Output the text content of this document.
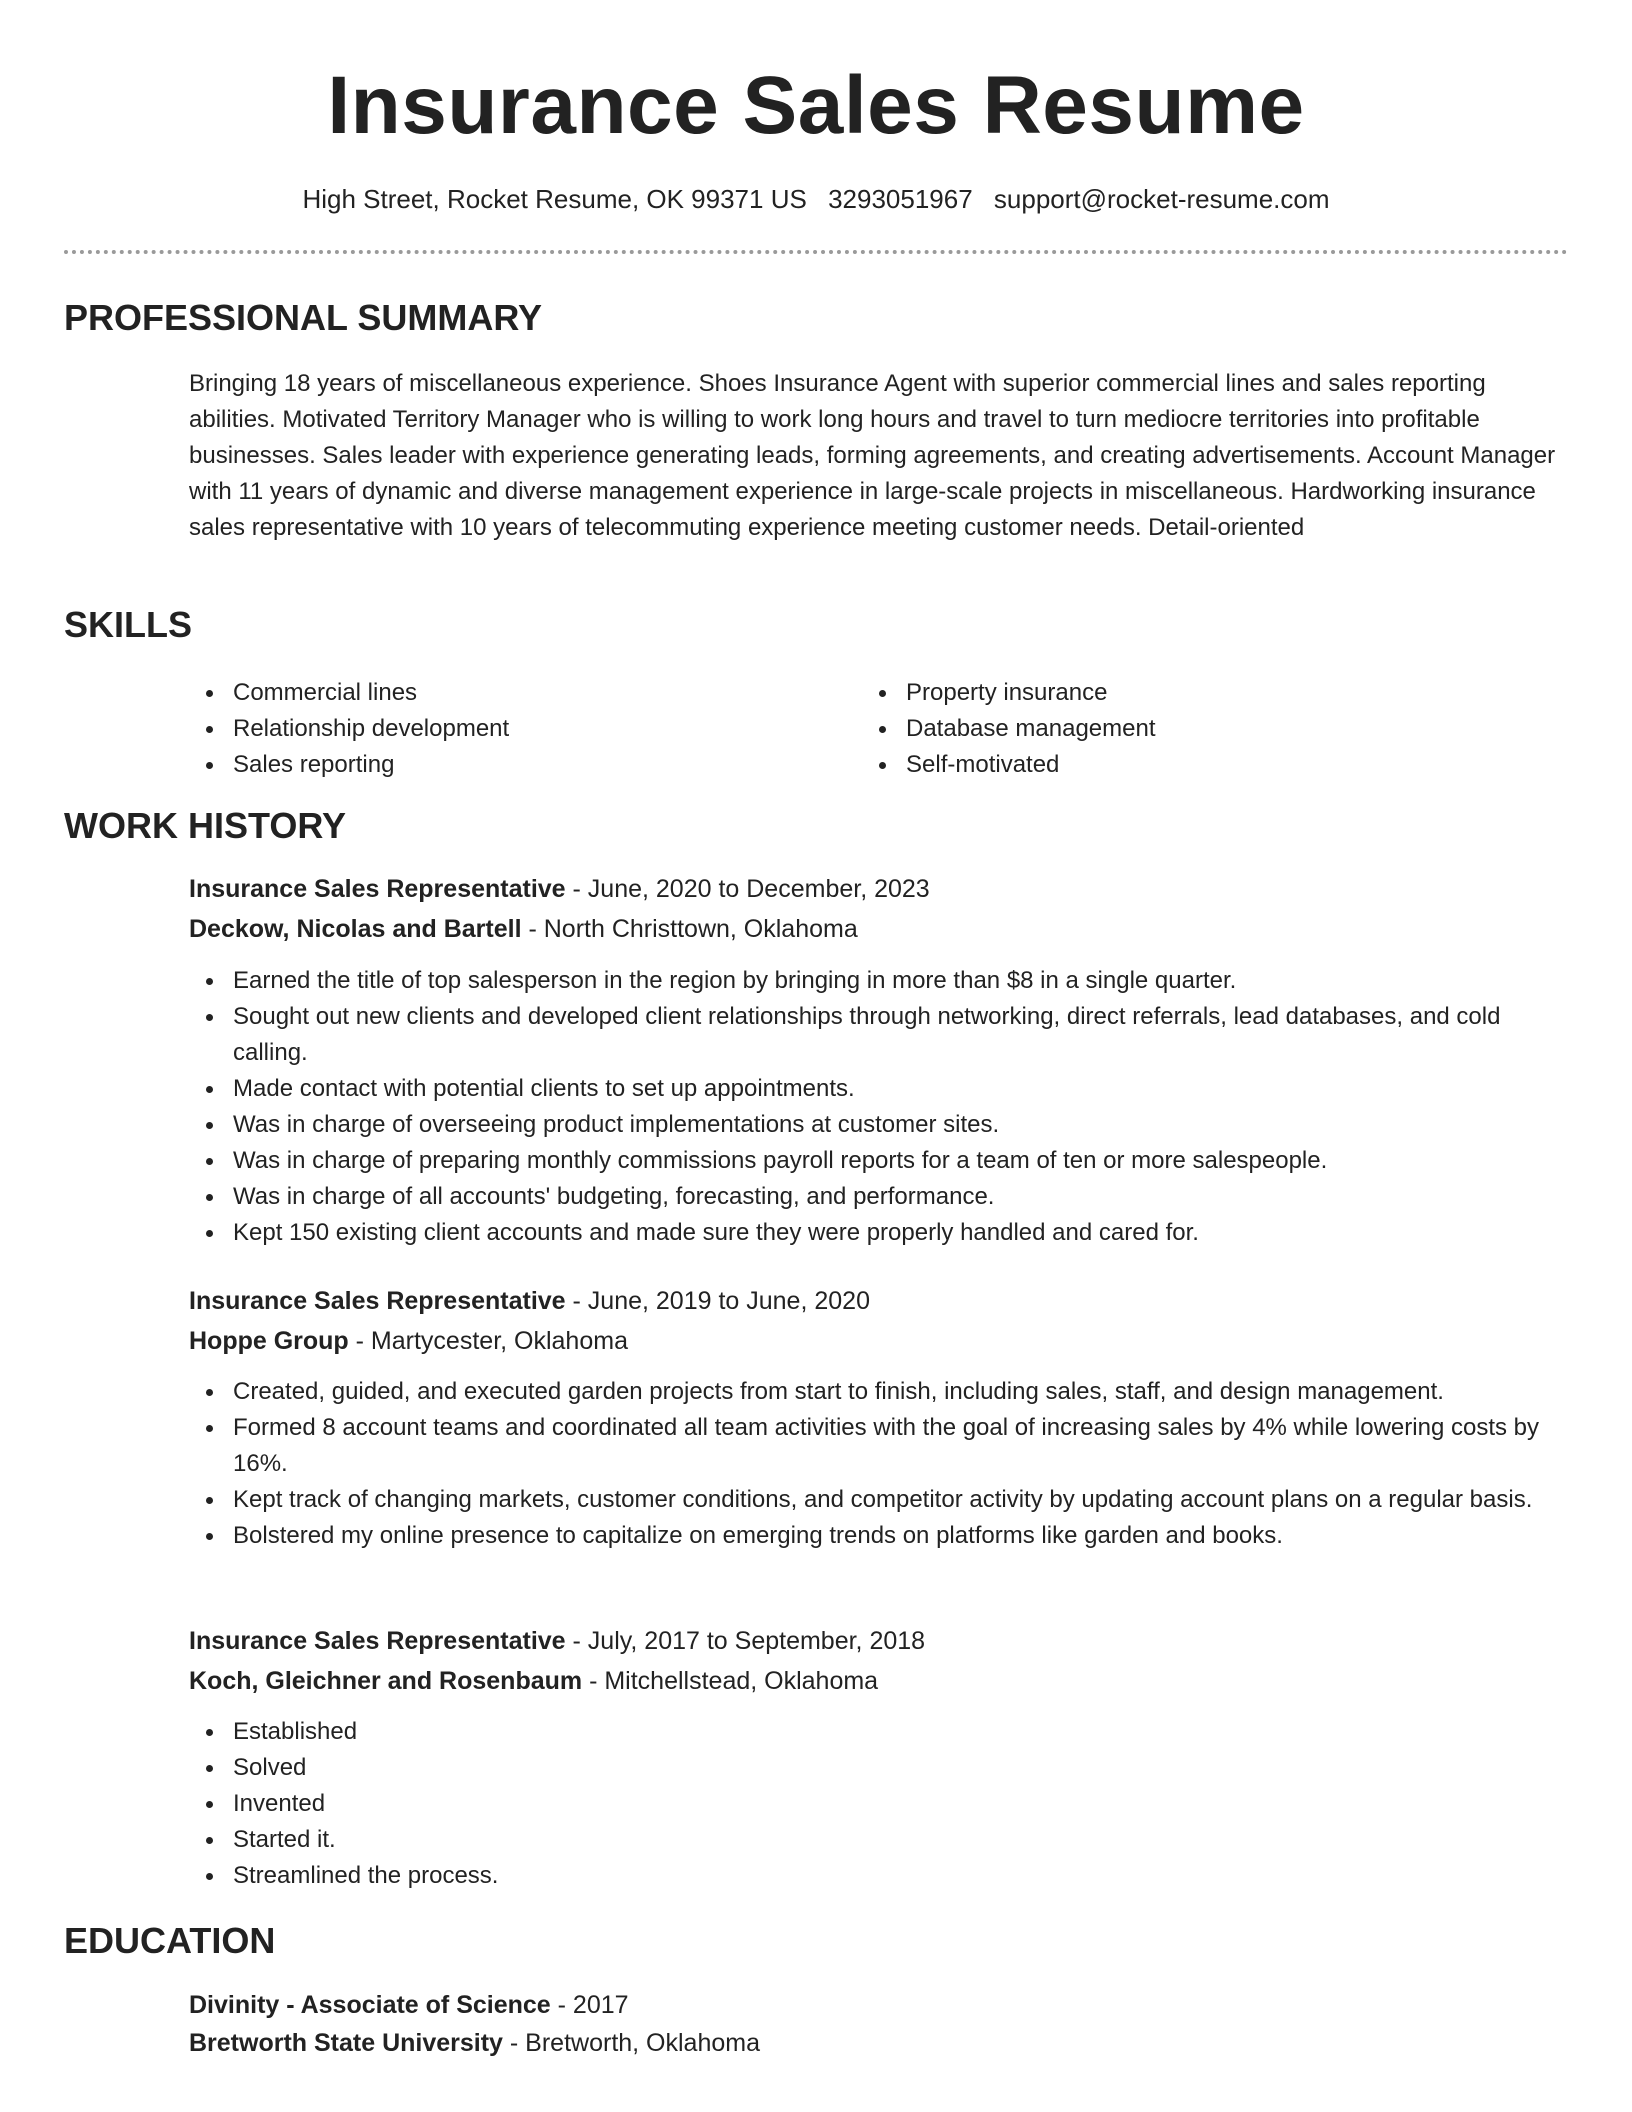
Insurance Sales Resume
High Street, Rocket Resume, OK 99371 US 3293051967 support@rocket-resume.com
PROFESSIONAL SUMMARY

Bringing 18 years of miscellaneous experience. Shoes Insurance Agent with superior commercial lines and sales reporting abilities. Motivated Territory Manager who is willing to work long hours and travel to turn mediocre territories into profitable businesses. Sales leader with experience generating leads, forming agreements, and creating advertisements. Account Manager with 11 years of dynamic and diverse management experience in large-scale projects in miscellaneous. Hardworking insurance sales representative with 10 years of telecommuting experience meeting customer needs. Detail-oriented

SKILLS
Commercial lines
Relationship development
Sales reporting
Property insurance
Database management
Self-motivated
WORK HISTORY
Insurance Sales Representative - June, 2020 to December, 2023
Deckow, Nicolas and Bartell - North Christtown, Oklahoma
Earned the title of top salesperson in the region by bringing in more than $8 in a single quarter.
Sought out new clients and developed client relationships through networking, direct referrals, lead databases, and cold calling.
Made contact with potential clients to set up appointments.
Was in charge of overseeing product implementations at customer sites.
Was in charge of preparing monthly commissions payroll reports for a team of ten or more salespeople.
Was in charge of all accounts' budgeting, forecasting, and performance.
Kept 150 existing client accounts and made sure they were properly handled and cared for.
Insurance Sales Representative - June, 2019 to June, 2020
Hoppe Group - Martycester, Oklahoma
Created, guided, and executed garden projects from start to finish, including sales, staff, and design management.
Formed 8 account teams and coordinated all team activities with the goal of increasing sales by 4% while lowering costs by 16%.
Kept track of changing markets, customer conditions, and competitor activity by updating account plans on a regular basis.
Bolstered my online presence to capitalize on emerging trends on platforms like garden and books.
Insurance Sales Representative - July, 2017 to September, 2018
Koch, Gleichner and Rosenbaum - Mitchellstead, Oklahoma
Established
Solved
Invented
Started it.
Streamlined the process.
EDUCATION
Divinity - Associate of Science - 2017
Bretworth State University - Bretworth, Oklahoma
